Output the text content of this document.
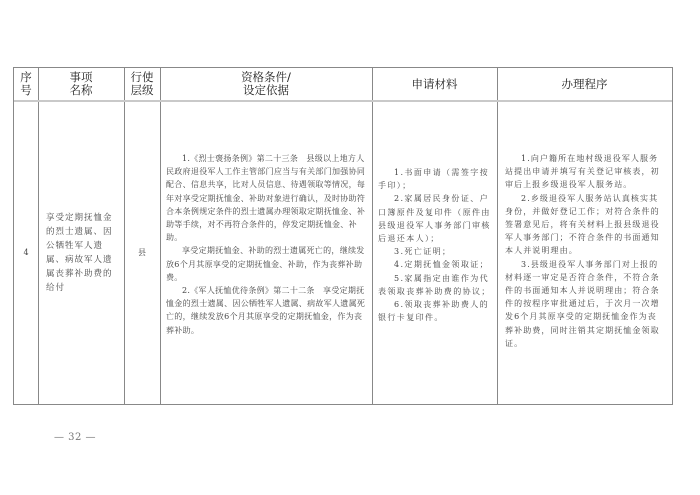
序
号
事项
名称
行使
层级
资格条件/
设定依据	申请材料	办理程序
4
享受定期抚恤金的烈士遗属、因公牺牲军人遗属、病故军人遗属丧葬补助费的给付
县

1.《烈士褒扬条例》第二十三条　县级以上地方人民政府退役军人工作主管部门应当与有关部门加强协同配合、信息共享，比对人员信息、待遇领取等情况，每年对享受定期抚恤金、补助对象进行确认，及时协助符合本条例规定条件的烈士遗属办理领取定期抚恤金、补助等手续，对不再符合条件的，停发定期抚恤金、补助。

享受定期抚恤金、补助的烈士遗属死亡的，继续发放6个月其原享受的定期抚恤金、补助，作为丧葬补助费。

2.《军人抚恤优待条例》第二十二条　享受定期抚恤金的烈士遗属、因公牺牲军人遗属、病故军人遗属死亡的，继续发放6个月其原享受的定期抚恤金，作为丧葬补助。

1.书面申请（需签字按手印）；

2.家属居民身份证、户口簿原件及复印件（原件由县级退役军人事务部门审核后退还本人）；

3.死亡证明；

4.定期抚恤金领取证；

5.家属指定由谁作为代表领取丧葬补助费的协议；

6.领取丧葬补助费人的银行卡复印件。

1.向户籍所在地村级退役军人服务站提出申请并填写有关登记审核表，初审后上报乡级退役军人服务站。

2.乡级退役军人服务站认真核实其身份，并做好登记工作；对符合条件的签署意见后，将有关材料上报县级退役军人事务部门；不符合条件的书面通知本人并说明理由。

3.县级退役军人事务部门对上报的材料逐一审定是否符合条件，不符合条件的书面通知本人并说明理由；符合条件的按程序审批通过后，于次月一次增发6个月其原享受的定期抚恤金作为丧葬补助费，同时注销其定期抚恤金领取证。

— 32 —
